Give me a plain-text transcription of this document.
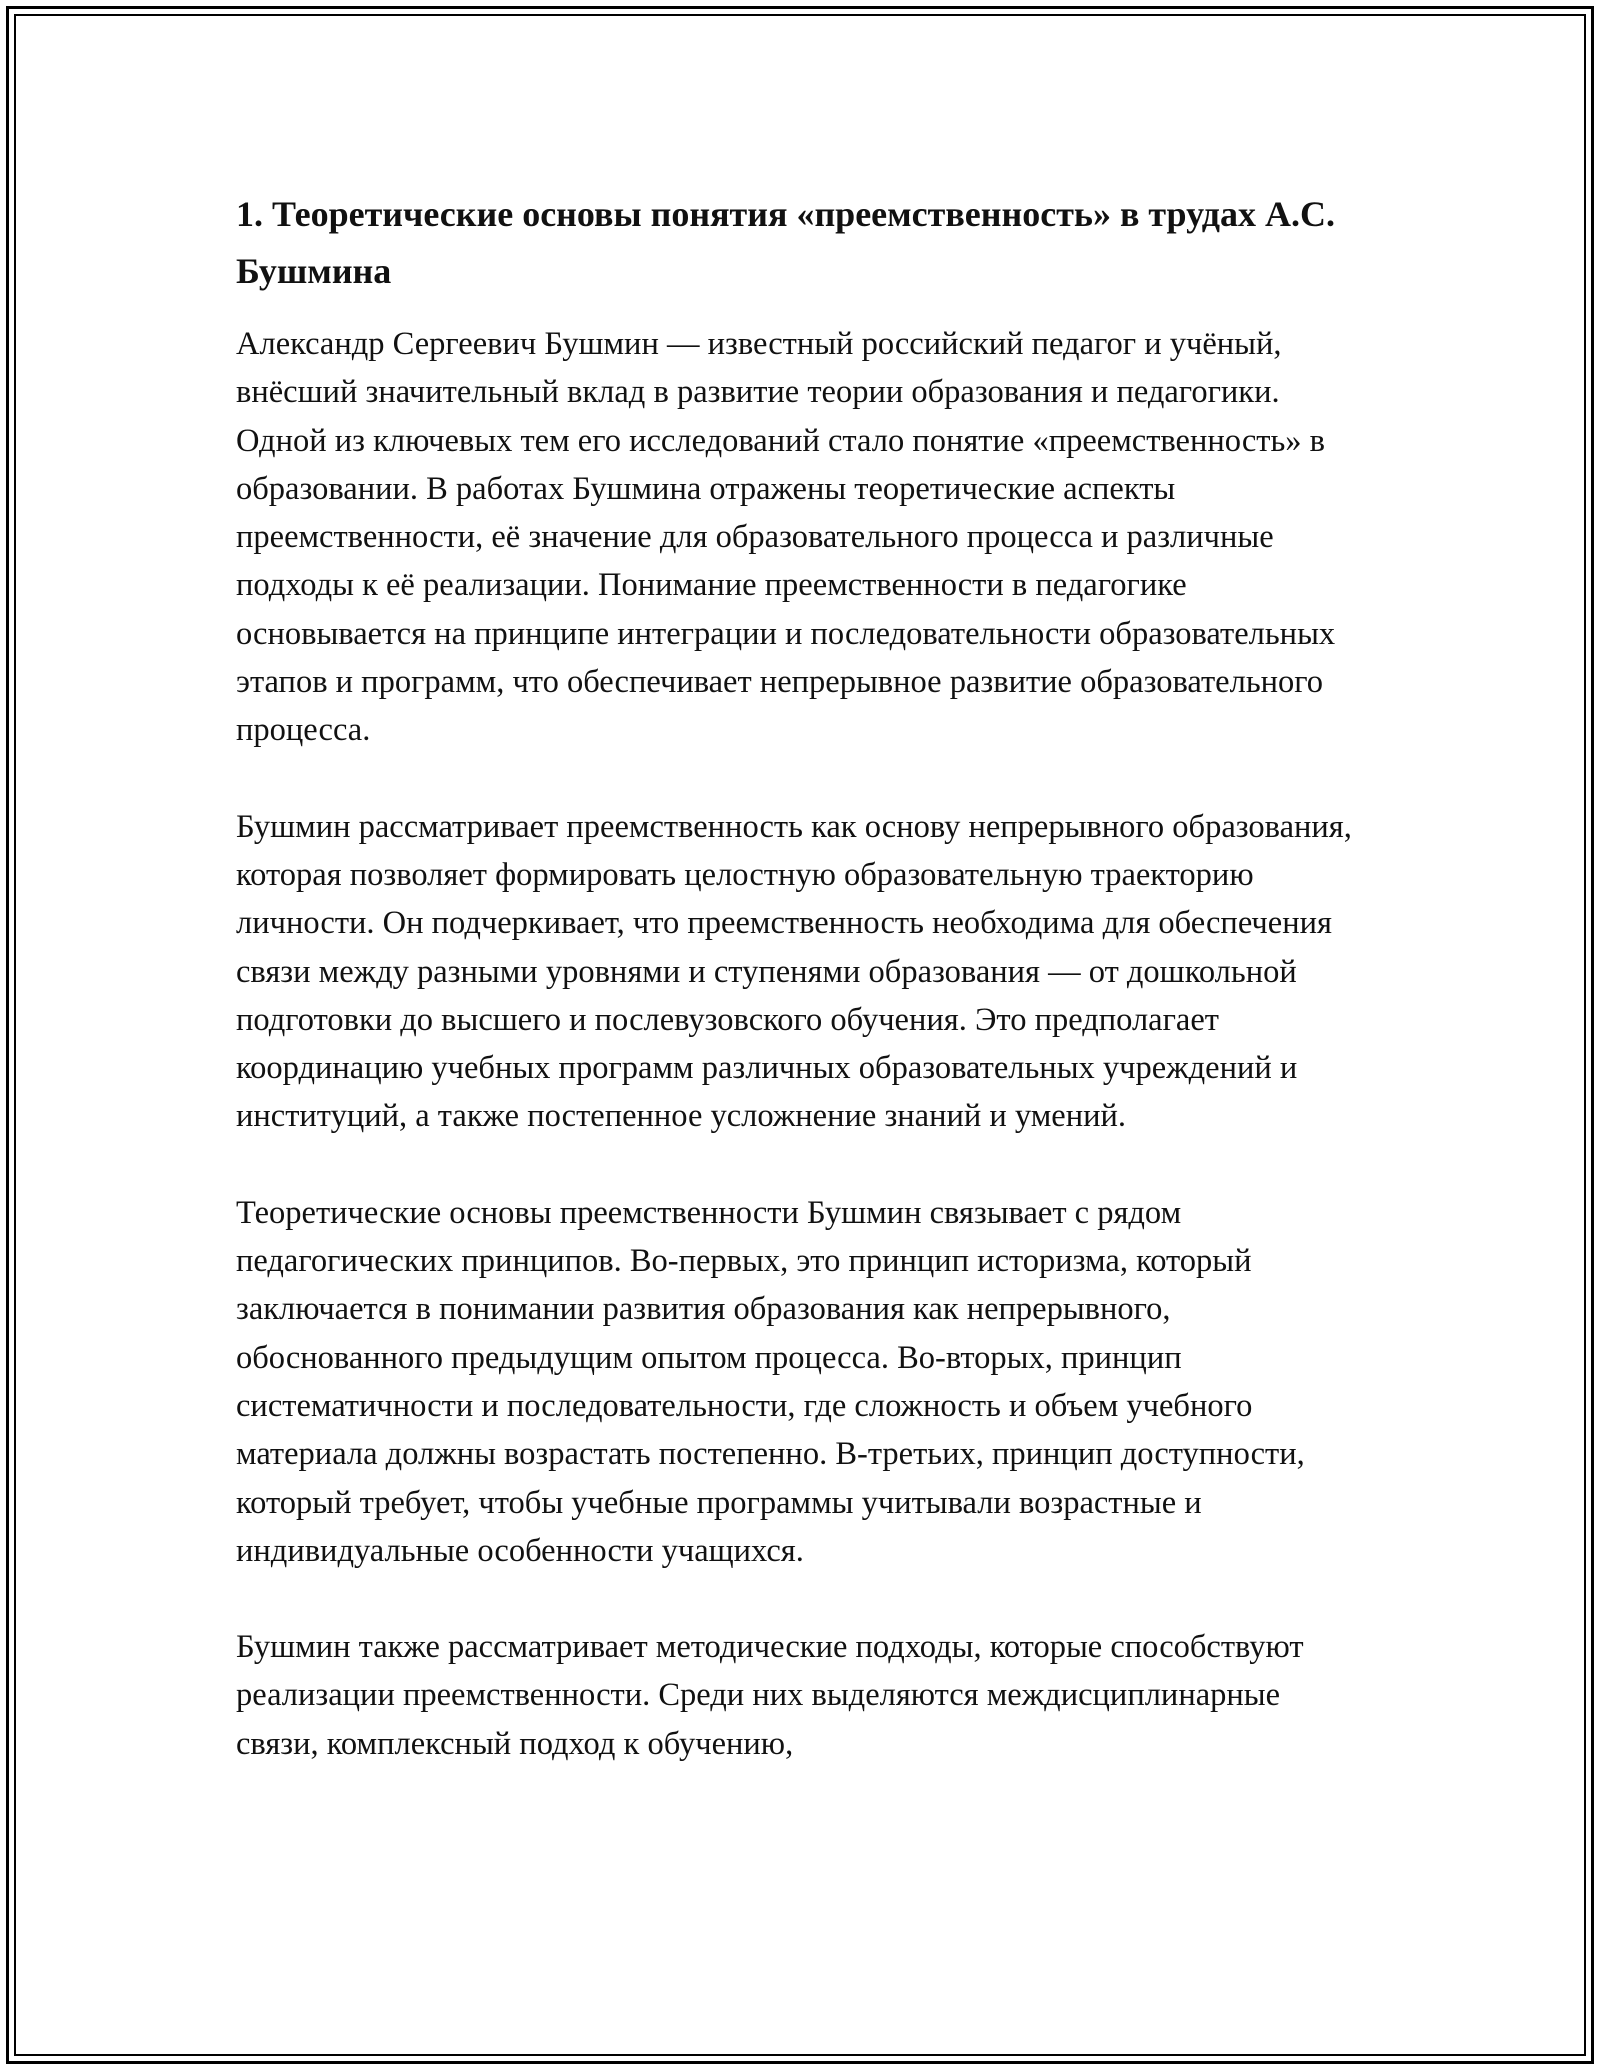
1. Теоретические основы понятия «преемственность» в трудах А.С. Бушмина

Александр Сергеевич Бушмин — известный российский педагог и учёный, внёсший значительный вклад в развитие теории образования и педагогики. Одной из ключевых тем его исследований стало понятие «преемственность» в образовании. В работах Бушмина отражены теоретические аспекты преемственности, её значение для образовательного процесса и различные подходы к её реализации. Понимание преемственности в педагогике основывается на принципе интеграции и последовательности образовательных этапов и программ, что обеспечивает непрерывное развитие образовательного процесса.

Бушмин рассматривает преемственность как основу непрерывного образования, которая позволяет формировать целостную образовательную траекторию личности. Он подчеркивает, что преемственность необходима для обеспечения связи между разными уровнями и ступенями образования — от дошкольной подготовки до высшего и послевузовского обучения. Это предполагает координацию учебных программ различных образовательных учреждений и институций, а также постепенное усложнение знаний и умений.

Теоретические основы преемственности Бушмин связывает с рядом педагогических принципов. Во-первых, это принцип историзма, который заключается в понимании развития образования как непрерывного, обоснованного предыдущим опытом процесса. Во-вторых, принцип систематичности и последовательности, где сложность и объем учебного материала должны возрастать постепенно. В-третьих, принцип доступности, который требует, чтобы учебные программы учитывали возрастные и индивидуальные особенности учащихся.

Бушмин также рассматривает методические подходы, которые способствуют реализации преемственности. Среди них выделяются междисциплинарные связи, комплексный подход к обучению,
